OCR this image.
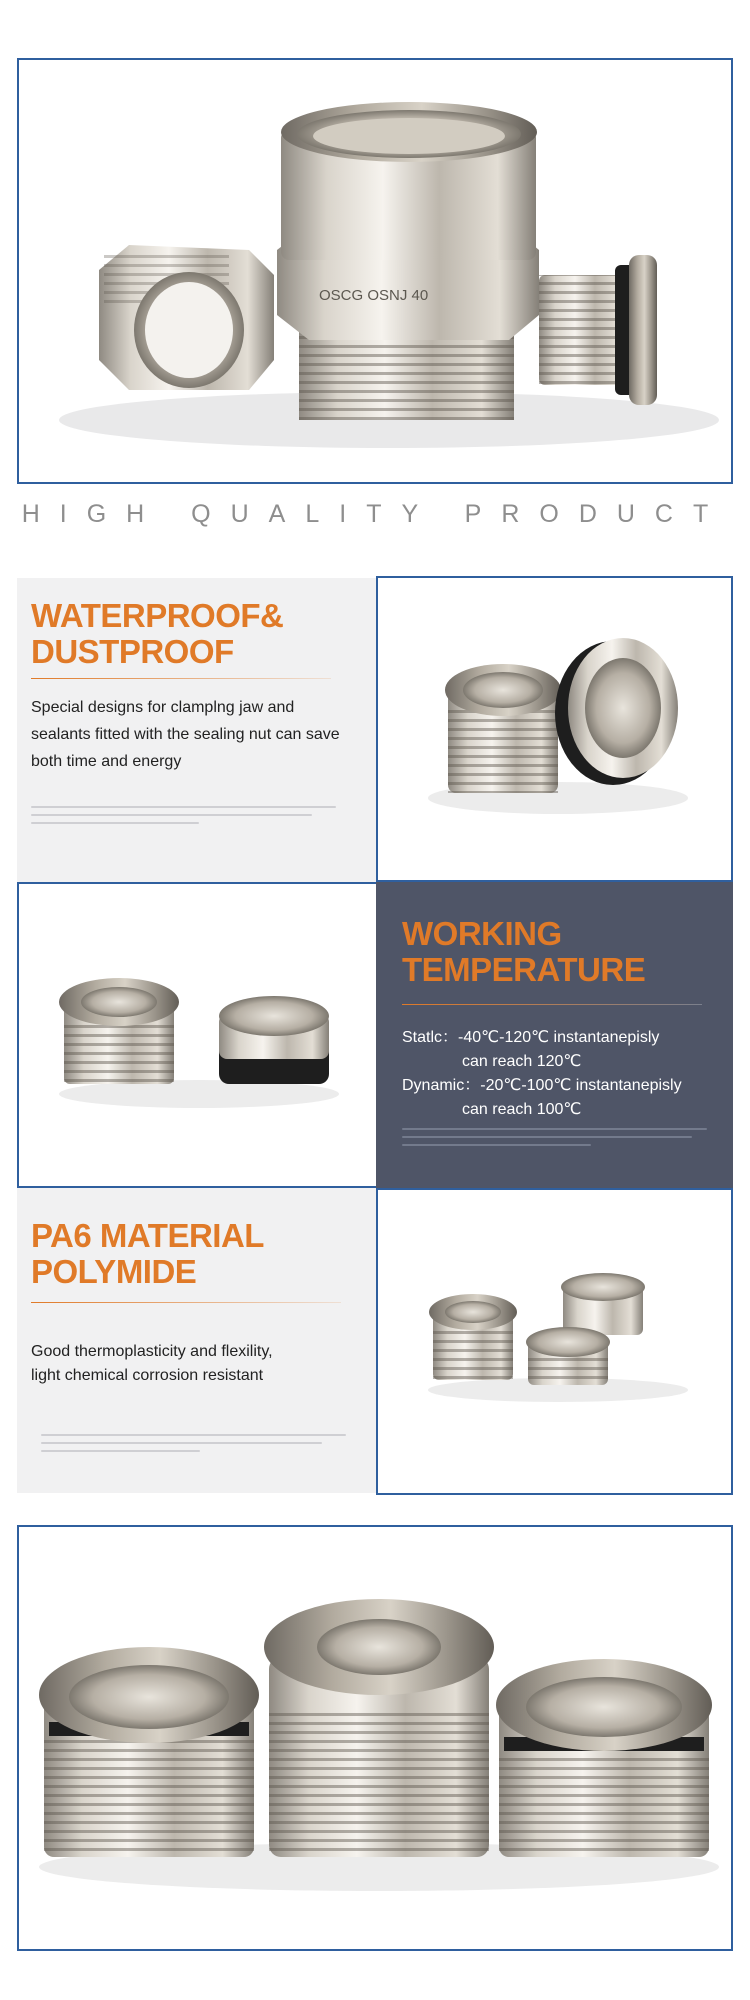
OSCG OSNJ 40
HIGH QUALITY PRODUCT
WATERPROOF&
DUSTPROOF
Special designs for clamplng jaw and
sealants fitted with the sealing nut can save
both time and energy
WORKING
TEMPERATURE
Statlc：-40℃-120℃ instantanepisly
can reach 120℃
Dynamic：-20℃-100℃ instantanepisly
can reach 100℃
PA6 MATERIAL
POLYMIDE
Good thermoplasticity and flexility,
light chemical corrosion resistant
